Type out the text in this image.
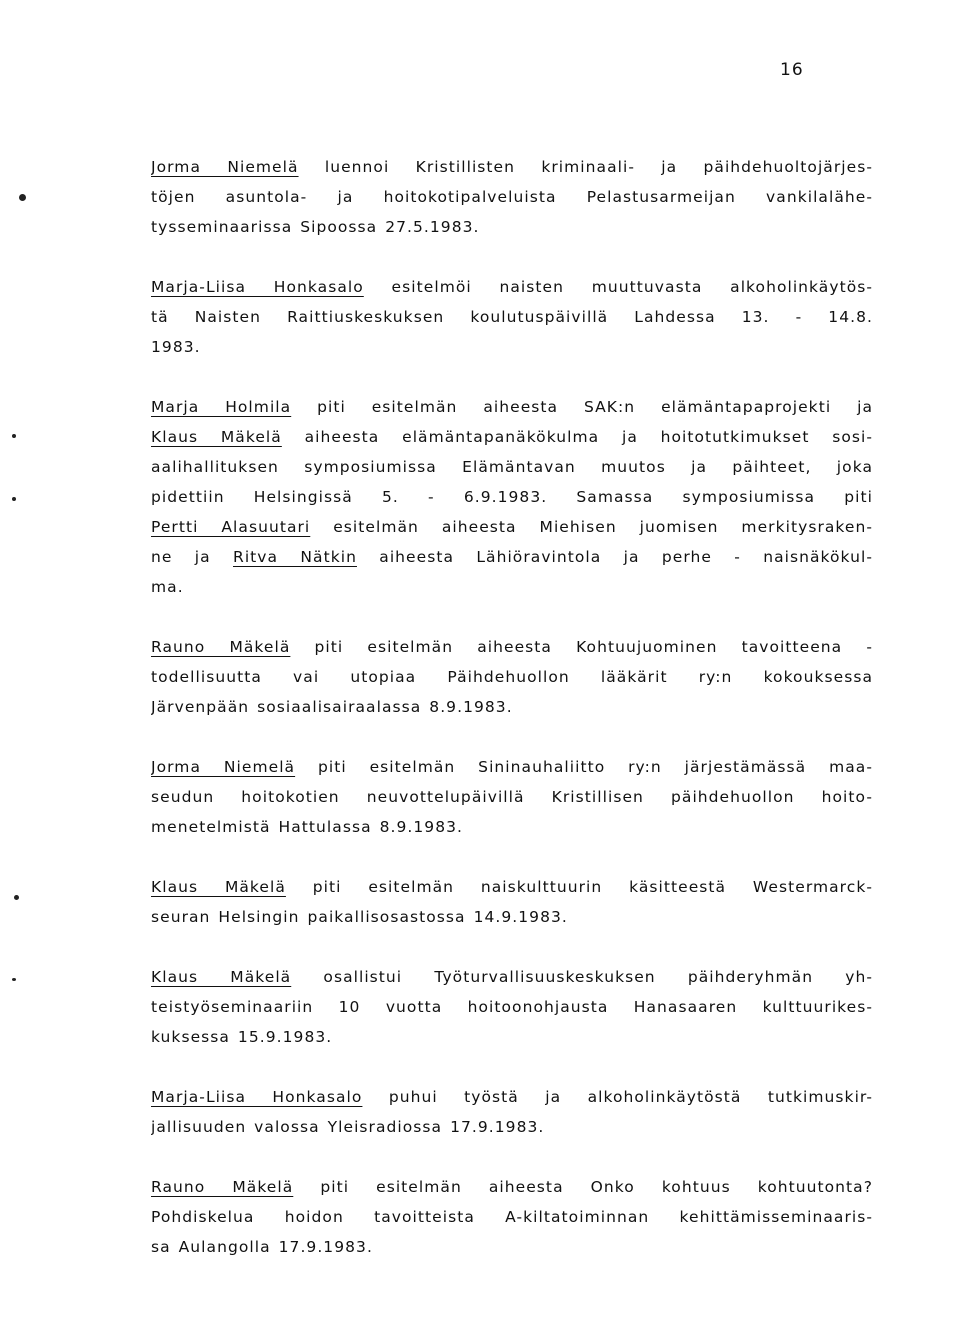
16

Jorma Niemelä luennoi Kristillisten kriminaali- ja päihdehuoltojärjes-
töjen asuntola- ja hoitokotipalveluista Pelastusarmeijan vankilalähe-
tysseminaarissa Sipoossa 27.5.1983.

Marja-Liisa Honkasalo esitelmöi naisten muuttuvasta alkoholinkäytös-
tä Naisten Raittiuskeskuksen koulutuspäivillä Lahdessa 13. - 14.8.
1983.

Marja Holmila piti esitelmän aiheesta SAK:n elämäntapaprojekti ja
Klaus Mäkelä aiheesta elämäntapanäkökulma ja hoitotutkimukset sosi-
aalihallituksen symposiumissa Elämäntavan muutos ja päihteet, joka
pidettiin Helsingissä 5. - 6.9.1983. Samassa symposiumissa piti
Pertti Alasuutari esitelmän aiheesta Miehisen juomisen merkitysraken-
ne ja Ritva Nätkin aiheesta Lähiöravintola ja perhe - naisnäkökul-
ma.

Rauno Mäkelä piti esitelmän aiheesta Kohtuujuominen tavoitteena -
todellisuutta vai utopiaa Päihdehuollon lääkärit ry:n kokouksessa
Järvenpään sosiaalisairaalassa 8.9.1983.

Jorma Niemelä piti esitelmän Sininauhaliitto ry:n järjestämässä maa-
seudun hoitokotien neuvottelupäivillä Kristillisen päihdehuollon hoito-
menetelmistä Hattulassa 8.9.1983.

Klaus Mäkelä piti esitelmän naiskulttuurin käsitteestä Westermarck-
seuran Helsingin paikallisosastossa 14.9.1983.

Klaus Mäkelä osallistui Työturvallisuuskeskuksen päihderyhmän yh-
teistyöseminaariin 10 vuotta hoitoonohjausta Hanasaaren kulttuurikes-
kuksessa 15.9.1983.

Marja-Liisa Honkasalo puhui työstä ja alkoholinkäytöstä tutkimuskir-
jallisuuden valossa Yleisradiossa 17.9.1983.

Rauno Mäkelä piti esitelmän aiheesta Onko kohtuus kohtuutonta?
Pohdiskelua hoidon tavoitteista A-kiltatoiminnan kehittämisseminaaris-
sa Aulangolla 17.9.1983.
